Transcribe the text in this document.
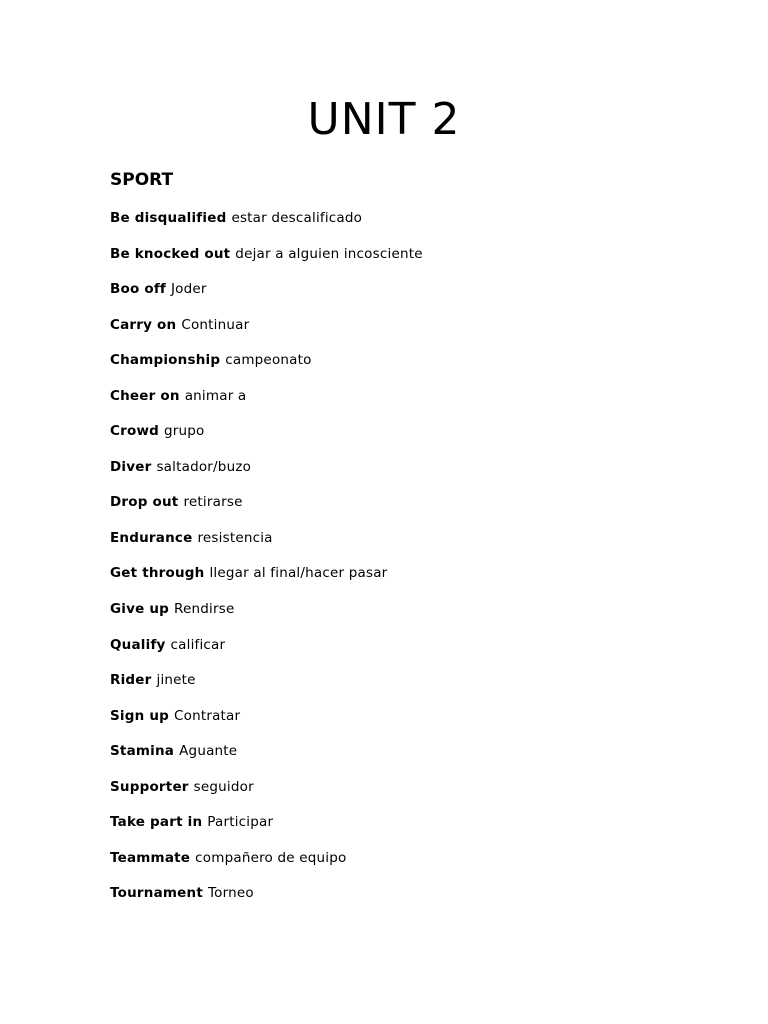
UNIT 2
SPORT
Be disqualified estar descalificado
Be knocked out dejar a alguien incosciente
Boo off Joder
Carry on Continuar
Championship campeonato
Cheer on animar a
Crowd grupo
Diver saltador/buzo
Drop out retirarse
Endurance resistencia
Get through llegar al final/hacer pasar
Give up Rendirse
Qualify calificar
Rider jinete
Sign up Contratar
Stamina Aguante
Supporter seguidor
Take part in Participar
Teammate compañero de equipo
Tournament Torneo
